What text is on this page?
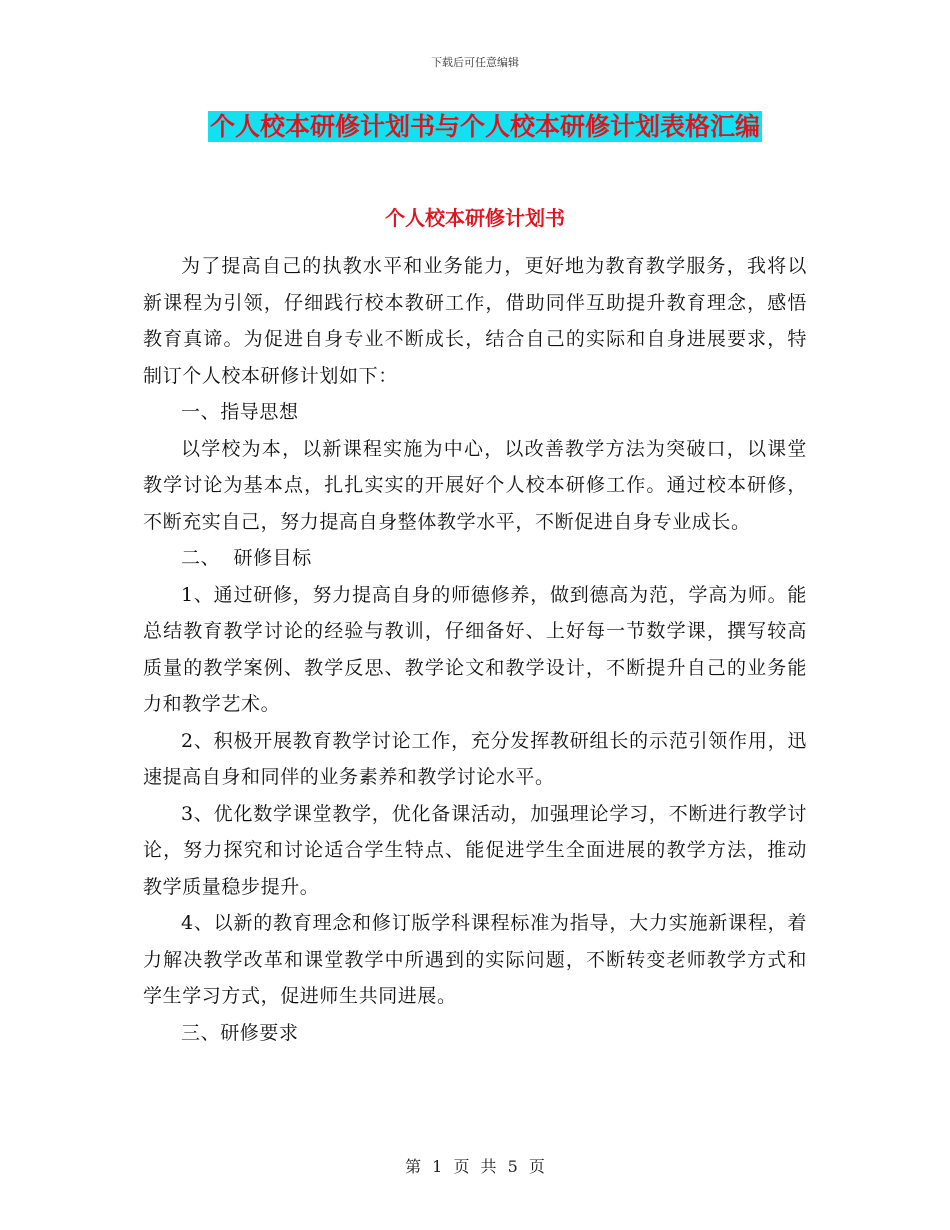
下载后可任意编辑
个人校本研修计划书与个人校本研修计划表格汇编
个人校本研修计划书

为了提高自己的执教水平和业务能力，更好地为教育教学服务，我将以新课程为引领，仔细践行校本教研工作，借助同伴互助提升教育理念，感悟教育真谛。为促进自身专业不断成长，结合自己的实际和自身进展要求，特制订个人校本研修计划如下：

一、指导思想

以学校为本，以新课程实施为中心，以改善教学方法为突破口，以课堂教学讨论为基本点，扎扎实实的开展好个人校本研修工作。通过校本研修，不断充实自己，努力提高自身整体教学水平，不断促进自身专业成长。

二、  研修目标

1、通过研修，努力提高自身的师德修养，做到德高为范，学高为师。能总结教育教学讨论的经验与教训，仔细备好、上好每一节数学课，撰写较高质量的教学案例、教学反思、教学论文和教学设计，不断提升自己的业务能力和教学艺术。

2、积极开展教育教学讨论工作，充分发挥教研组长的示范引领作用，迅速提高自身和同伴的业务素养和教学讨论水平。

3、优化数学课堂教学，优化备课活动，加强理论学习，不断进行教学讨论，努力探究和讨论适合学生特点、能促进学生全面进展的教学方法，推动教学质量稳步提升。

4、以新的教育理念和修订版学科课程标准为指导，大力实施新课程，着力解决教学改革和课堂教学中所遇到的实际问题，不断转变老师教学方式和学生学习方式，促进师生共同进展。

三、研修要求

第 1 页 共 5 页
